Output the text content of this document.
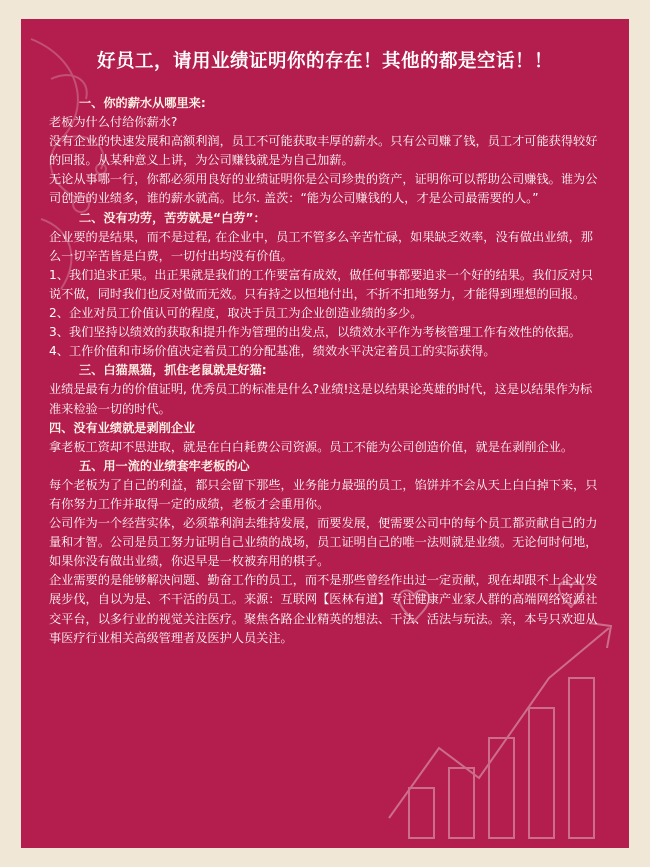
好员工，请用业绩证明你的存在！其他的都是空话！！

一、你的薪水从哪里来:

老板为什么付给你薪水?

没有企业的快速发展和高额利润，员工不可能获取丰厚的薪水。只有公司赚了钱，员工才可能获得较好的回报。从某种意义上讲，为公司赚钱就是为自己加薪。

无论从事哪一行，你都必须用良好的业绩证明你是公司珍贵的资产，证明你可以帮助公司赚钱。谁为公司创造的业绩多，谁的薪水就高。比尔. 盖茨：“能为公司赚钱的人，才是公司最需要的人。”

二、没有功劳，苦劳就是“白劳”：

企业要的是结果，而不是过程, 在企业中，员工不管多么辛苦忙碌，如果缺乏效率，没有做出业绩，那么一切辛苦皆是白费，一切付出均没有价值。

1、我们追求正果。出正果就是我们的工作要富有成效，做任何事都要追求一个好的结果。我们反对只说不做，同时我们也反对做而无效。只有持之以恒地付出，不折不扣地努力，才能得到理想的回报。

2、企业对员工价值认可的程度，取决于员工为企业创造业绩的多少。

3、我们坚持以绩效的获取和提升作为管理的出发点，以绩效水平作为考核管理工作有效性的依据。

4、工作价值和市场价值决定着员工的分配基准，绩效水平决定着员工的实际获得。

三、白猫黑猫，抓住老鼠就是好猫:

业绩是最有力的价值证明, 优秀员工的标准是什么?业绩!这是以结果论英雄的时代，这是以结果作为标准来检验一切的时代。

四、没有业绩就是剥削企业

拿老板工资却不思进取，就是在白白耗费公司资源。员工不能为公司创造价值，就是在剥削企业。

五、用一流的业绩套牢老板的心

每个老板为了自己的利益，都只会留下那些，业务能力最强的员工，馅饼并不会从天上白白掉下来，只有你努力工作并取得一定的成绩，老板才会重用你。

公司作为一个经营实体，必须靠利润去维持发展，而要发展，便需要公司中的每个员工都贡献自己的力量和才智。公司是员工努力证明自己业绩的战场，员工证明自己的唯一法则就是业绩。无论何时何地，如果你没有做出业绩，你迟早是一枚被弃用的棋子。

企业需要的是能够解决问题、勤奋工作的员工，而不是那些曾经作出过一定贡献，现在却跟不上企业发展步伐，自以为是、不干活的员工。来源：互联网【医林有道】专注健康产业家人群的高端网络资源社交平台，以多行业的视觉关注医疗。聚焦各路企业精英的想法、干法、活法与玩法。亲，本号只欢迎从事医疗行业相关高级管理者及医护人员关注。
